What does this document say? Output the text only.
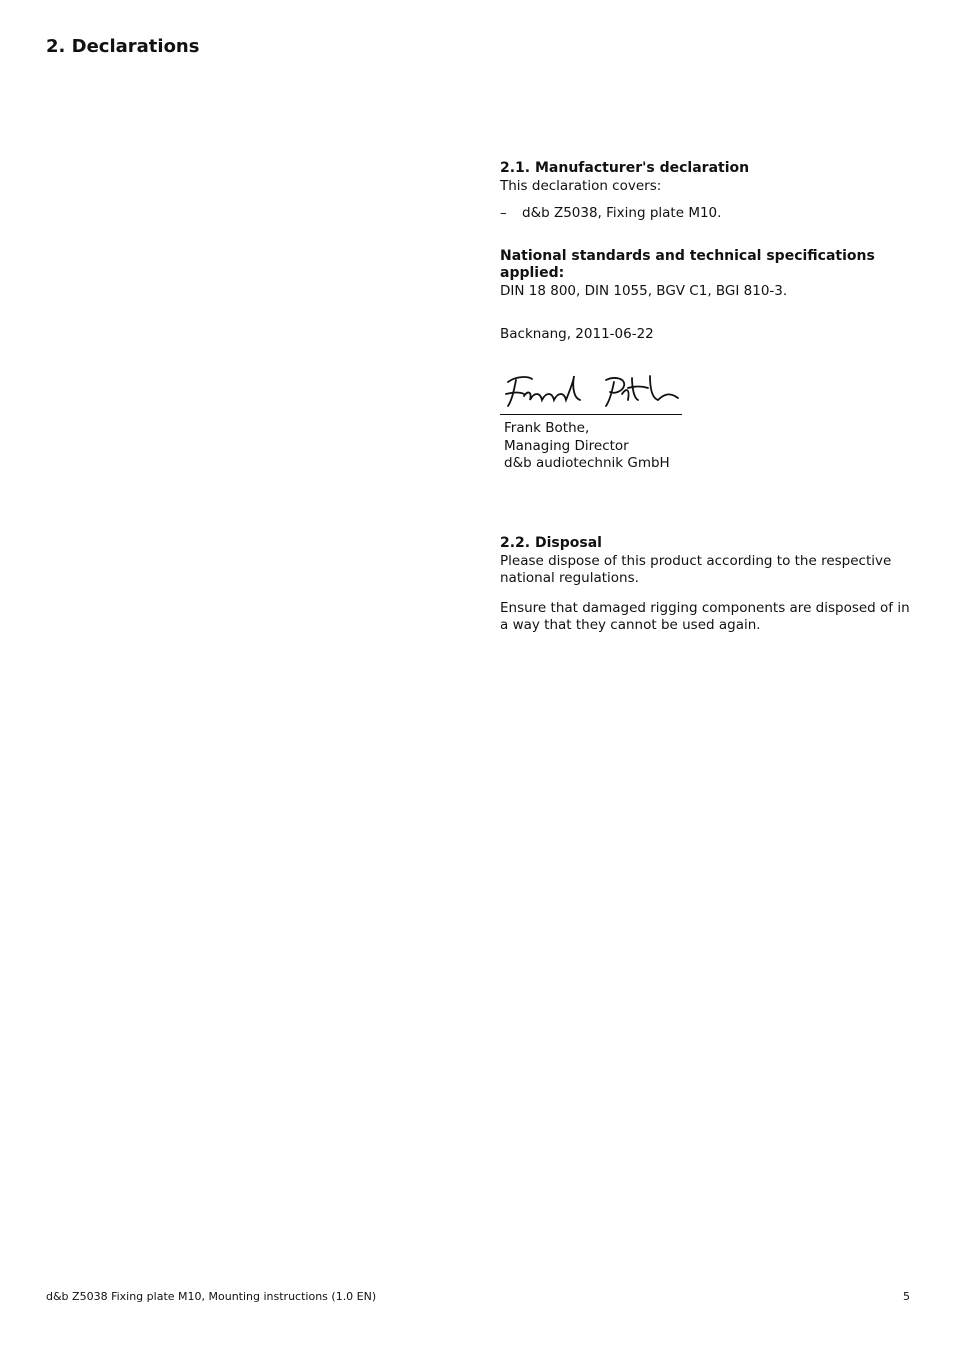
2. Declarations

2.1. Manufacturer's declaration

This declaration covers:

–	d&b Z5038, Fixing plate M10.

National standards and technical specifications applied:

DIN 18 800, DIN 1055, BGV C1, BGI 810-3.

Backnang, 2011-06-22

Frank Bothe,
Managing Director
d&b audiotechnik GmbH

2.2. Disposal

Please dispose of this product according to the respective national regulations.

Ensure that damaged rigging components are disposed of in a way that they cannot be used again.

d&b Z5038 Fixing plate M10, Mounting instructions (1.0 EN)	5
